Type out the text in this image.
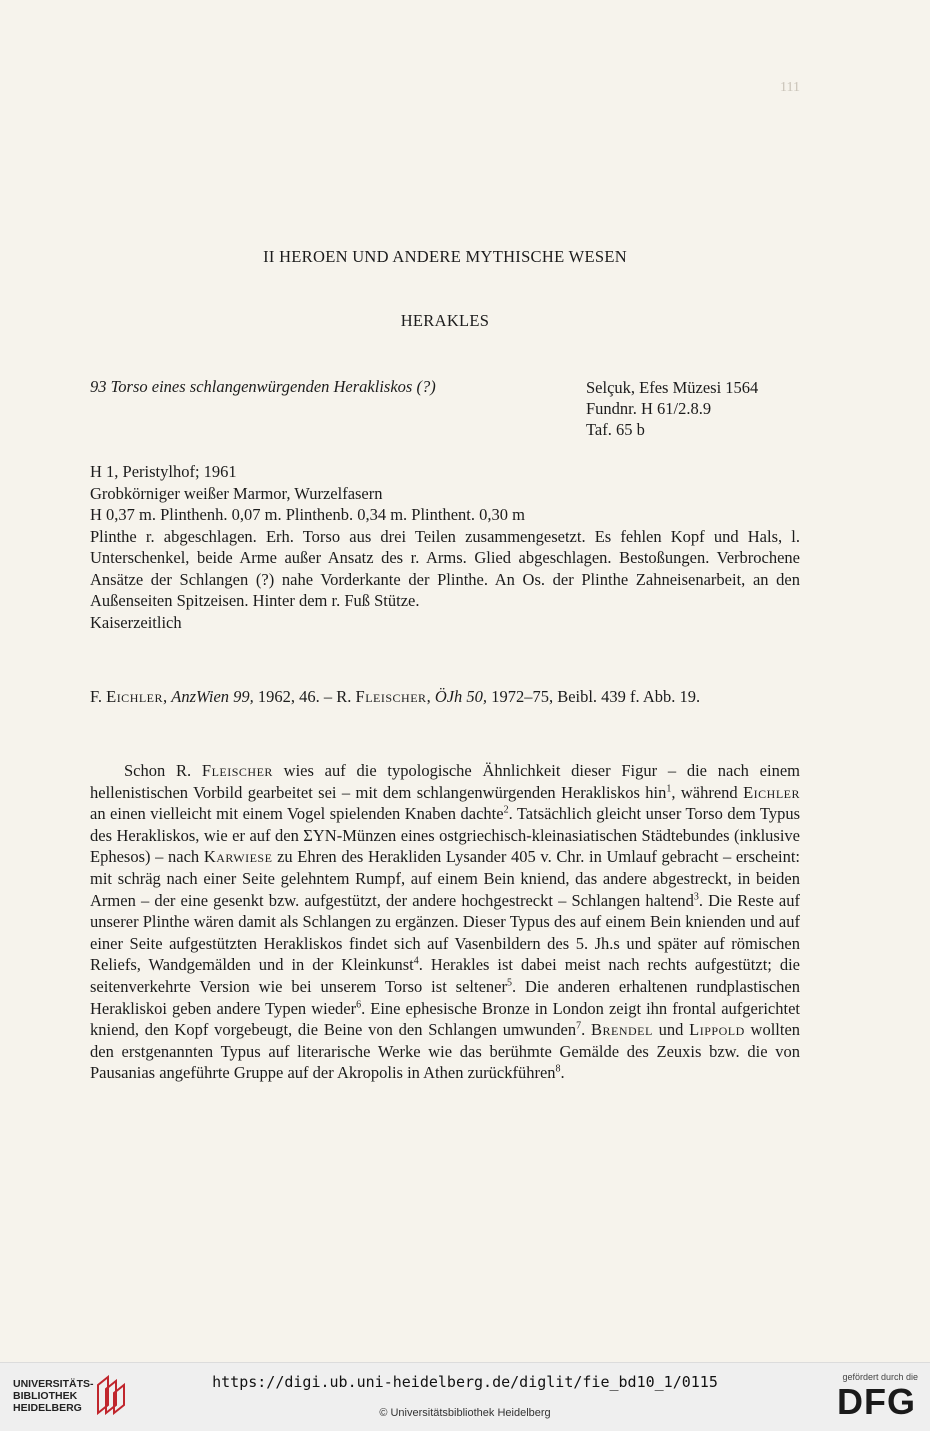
111
II HEROEN UND ANDERE MYTHISCHE WESEN
HERAKLES
93 Torso eines schlangenwürgenden Herakliskos (?)	Selçuk, Efes Müzesi 1564
Fundnr. H 61/2.8.9
Taf. 65 b
H 1, Peristylhof; 1961
Grobkörniger weißer Marmor, Wurzelfasern
H 0,37 m. Plinthenh. 0,07 m. Plinthenb. 0,34 m. Plinthent. 0,30 m
Plinthe r. abgeschlagen. Erh. Torso aus drei Teilen zusammengesetzt. Es fehlen Kopf und Hals, l. Unterschenkel, beide Arme außer Ansatz des r. Arms. Glied abgeschlagen. Bestoßungen. Verbrochene Ansätze der Schlangen (?) nahe Vorderkante der Plinthe. An Os. der Plinthe Zahneisenarbeit, an den Außenseiten Spitzeisen. Hinter dem r. Fuß Stütze.
Kaiserzeitlich
F. Eichler, AnzWien 99, 1962, 46. – R. Fleischer, ÖJh 50, 1972–75, Beibl. 439 f. Abb. 19.

Schon R. Fleischer wies auf die typologische Ähnlichkeit dieser Figur – die nach einem hellenistischen Vorbild gearbeitet sei – mit dem schlangenwürgenden Herakliskos hin$^1$, während Eichler an einen vielleicht mit einem Vogel spielenden Knaben dachte$^2$. Tatsächlich gleicht unser Torso dem Typus des Herakliskos, wie er auf den ΣYN-Münzen eines ostgriechisch-kleinasiatischen Städtebundes (inklusive Ephesos) – nach Karwiese zu Ehren des Herakliden Lysander 405 v. Chr. in Umlauf gebracht – erscheint: mit schräg nach einer Seite gelehntem Rumpf, auf einem Bein kniend, das andere abgestreckt, in beiden Armen – der eine gesenkt bzw. aufgestützt, der andere hochgestreckt – Schlangen haltend$^3$. Die Reste auf unserer Plinthe wären damit als Schlangen zu ergänzen. Dieser Typus des auf einem Bein knienden und auf einer Seite aufgestützten Herakliskos findet sich auf Vasenbildern des 5. Jh.s und später auf römischen Reliefs, Wandgemälden und in der Kleinkunst$^4$. Herakles ist dabei meist nach rechts aufgestützt; die seitenverkehrte Version wie bei unserem Torso ist seltener$^5$. Die anderen erhaltenen rundplastischen Herakliskoi geben andere Typen wieder$^6$. Eine ephesische Bronze in London zeigt ihn frontal aufgerichtet kniend, den Kopf vorgebeugt, die Beine von den Schlangen umwunden$^7$. Brendel und Lippold wollten den erstgenannten Typus auf literarische Werke wie das berühmte Gemälde des Zeuxis bzw. die von Pausanias angeführte Gruppe auf der Akropolis in Athen zurückführen$^8$.

UNIVERSITÄTS-
BIBLIOTHEK
HEIDELBERG
https://digi.ub.uni-heidelberg.de/diglit/fie_bd10_1/0115
© Universitätsbibliothek Heidelberg
gefördert durch die
DFG
